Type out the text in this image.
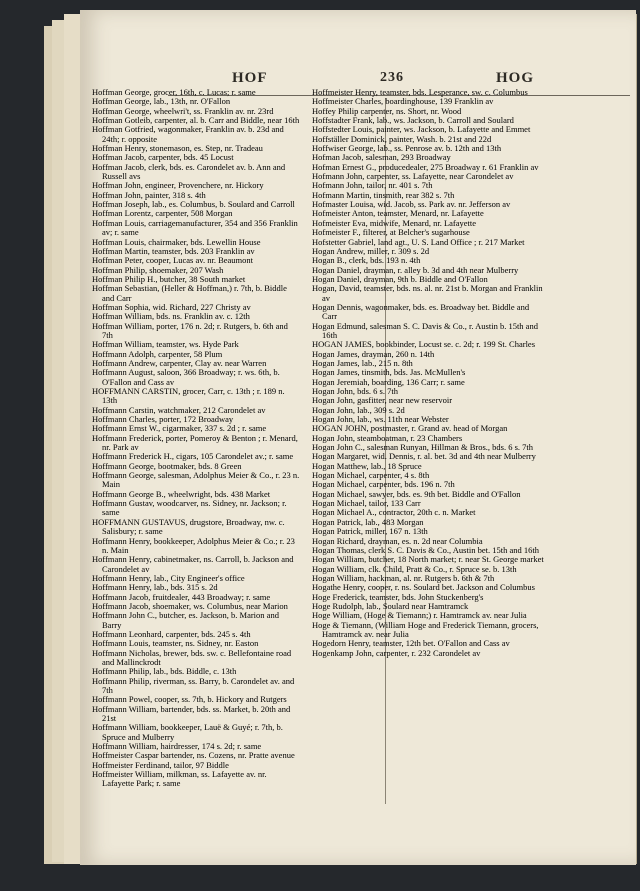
HOF	236	HOG
Hoffman George, grocer, 16th, c. Lucas; r. same
Hoffman George, lab., 13th, nr. O'Fallon
Hoffman George, wheelwri't, ss. Franklin av. nr. 23rd
Hoffman Gotleib, carpenter, al. b. Carr and Biddle, near 16th
Hoffman Gotfried, wagonmaker, Franklin av. b. 23d and 24th; r. opposite
Hoffman Henry, stonemason, es. Step, nr. Tradeau
Hoffman Jacob, carpenter, bds. 45 Locust
Hoffman Jacob, clerk, bds. es. Carondelet av. b. Ann and Russell avs
Hoffman John, engineer, Provenchere, nr. Hickory
Hoffman John, painter, 318 s. 4th
Hoffman Joseph, lab., es. Columbus, b. Soulard and Carroll
Hoffman Lorentz, carpenter, 508 Morgan
Hoffman Louis, carriagemanufacturer, 354 and 356 Franklin av; r. same
Hoffman Louis, chairmaker, bds. Lewellin House
Hoffman Martin, teamster, bds. 203 Franklin av
Hoffman Peter, cooper, Lucas av. nr. Beaumont
Hoffman Philip, shoemaker, 207 Wash
Hoffman Philip H., butcher, 38 South market
Hoffman Sebastian, (Heller & Hoffman,) r. 7th, b. Biddle and Carr
Hoffman Sophia, wid. Richard, 227 Christy av
Hoffman William, bds. ns. Franklin av. c. 12th
Hoffman William, porter, 176 n. 2d; r. Rutgers, b. 6th and 7th
Hoffman William, teamster, ws. Hyde Park
Hoffmann Adolph, carpenter, 58 Plum
Hoffmann Andrew, carpenter, Clay av. near Warren
Hoffmann August, saloon, 366 Broadway; r. ws. 6th, b. O'Fallon and Cass av
HOFFMANN CARSTIN, grocer, Carr, c. 13th ; r. 189 n. 13th
Hoffmann Carstin, watchmaker, 212 Carondelet av
Hoffmann Charles, porter, 172 Broadway
Hoffmann Ernst W., cigarmaker, 337 s. 2d ; r. same
Hoffmann Frederick, porter, Pomeroy & Benton ; r. Menard, nr. Park av
Hoffmann Frederick H., cigars, 105 Carondelet av.; r. same
Hoffmann George, bootmaker, bds. 8 Green
Hoffmann George, salesman, Adolphus Meier & Co., r. 23 n. Main
Hoffmann George B., wheelwright, bds. 438 Market
Hoffmann Gustav, woodcarver, ns. Sidney, nr. Jackson; r. same
HOFFMANN GUSTAVUS, drugstore, Broadway, nw. c. Salisbury; r. same
Hoffmann Henry, bookkeeper, Adolphus Meier & Co.; r. 23 n. Main
Hoffmann Henry, cabinetmaker, ns. Carroll, b. Jackson and Carondelet av
Hoffmann Henry, lab., City Engineer's office
Hoffmann Henry, lab., bds. 315 s. 2d
Hoffmann Jacob, fruitdealer, 443 Broadway; r. same
Hoffmann Jacob, shoemaker, ws. Columbus, near Marion
Hoffmann John C., butcher, es. Jackson, b. Marion and Barry
Hoffmann Leonhard, carpenter, bds. 245 s. 4th
Hoffmann Louis, teamster, ns. Sidney, nr. Easton
Hoffmann Nicholas, brewer, bds. sw. c. Bellefontaine road and Mallinckrodt
Hoffmann Philip, lab., bds. Biddle, c. 13th
Hoffmann Philip, riverman, ss. Barry, b. Carondelet av. and 7th
Hoffmann Powel, cooper, ss. 7th, b. Hickory and Rutgers
Hoffmann William, bartender, bds. ss. Market, b. 20th and 21st
Hoffmann William, bookkeeper, Lauë & Guyé; r. 7th, b. Spruce and Mulberry
Hoffmann William, hairdresser, 174 s. 2d; r. same
Hoffmeister Caspar bartender, ns. Cozens, nr. Pratte avenue
Hoffmeister Ferdinand, tailor, 97 Biddle
Hoffmeister William, milkman, ss. Lafayette av. nr. Lafayette Park; r. same
Hoffmeister Henry, teamster, bds. Lesperance, sw. c. Columbus
Hoffmeister Charles, boardinghouse, 139 Franklin av
Hoffey Philip carpenter, ns. Short, nr. Wood
Hoffstadter Frank, lab., ws. Jackson, b. Carroll and Soulard
Hoffstedter Louis, painter, ws. Jackson, b. Lafayette and Emmet
Hoffställer Dominick, painter, Wash. b. 21st and 22d
Hoffwiser George, lab., ss. Penrose av. b. 12th and 13th
Hofman Jacob, salesman, 293 Broadway
Hofman Ernest G., producedealer, 275 Broadway r. 61 Franklin av
Hofmann John, carpenter, ss. Lafayette, near Carondelet av
Hofmann John, tailor, nr. 401 s. 7th
Hofmann Martin, tinsmith, rear 382 s. 7th
Hofmaster Louisa, wid. Jacob, ss. Park av. nr. Jefferson av
Hofmeister Anton, teamster, Menard, nr. Lafayette
Hofmeister Eva, midwife, Menard, nr. Lafayette
Hofmeister F., filterer, at Belcher's sugarhouse
Hofstetter Gabriel, land agt., U. S. Land Office ; r. 217 Market
Hogan Andrew, miller, r. 309 s. 2d
Hogan B., clerk, bds. 193 n. 4th
Hogan Daniel, drayman, r. alley b. 3d and 4th near Mulberry
Hogan Daniel, drayman, 9th b. Biddle and O'Fallon
Hogan, David, teamster, bds. ns. al. nr. 21st b. Morgan and Franklin av
Hogan Dennis, wagonmaker, bds. es. Broadway bet. Biddle and Carr
Hogan Edmund, salesman S. C. Davis & Co., r. Austin b. 15th and 16th
HOGAN JAMES, bookbinder, Locust se. c. 2d; r. 199 St. Charles
Hogan James, drayman, 260 n. 14th
Hogan James, lab., 215 n. 8th
Hogan James, tinsmith, bds. Jas. McMullen's
Hogan Jeremiah, boarding, 136 Carr; r. same
Hogan John, bds. 6 s. 7th
Hogan John, gasfitter, near new reservoir
Hogan John, lab., 309 s. 2d
Hogan John, lab., ws. 11th near Webster
HOGAN JOHN, postmaster, r. Grand av. head of Morgan
Hogan John, steamboatman, r. 23 Chambers
Hogan John C., salesman Runyan, Hillman & Bros., bds. 6 s. 7th
Hogan Margaret, wid. Dennis, r. al. bet. 3d and 4th near Mulberry
Hogan Matthew, lab., 18 Spruce
Hogan Michael, carpenter, 4 s. 8th
Hogan Michael, carpenter, bds. 196 n. 7th
Hogan Michael, sawyer, bds. es. 9th bet. Biddle and O'Fallon
Hogan Michael, tailor, 133 Carr
Hogan Michael A., contractor, 20th c. n. Market
Hogan Patrick, lab., 483 Morgan
Hogan Patrick, miller, 167 n. 13th
Hogan Richard, drayman, es. n. 2d near Columbia
Hogan Thomas, clerk S. C. Davis & Co., Austin bet. 15th and 16th
Hogan William, butcher, 18 North market; r. near St. George market
Hogan William, clk. Child, Pratt & Co., r. Spruce se. b. 13th
Hogan William, hackman, al. nr. Rutgers b. 6th & 7th
Hogathe Henry, cooper, r. ns. Soulard bet. Jackson and Columbus
Hoge Frederick, teamster, bds. John Stuckenberg's
Hoge Rudolph, lab., Soulard near Hamtramck
Hoge William, (Hoge & Tiemann;) r. Hamtramck av. near Julia
Hoge & Tiemann, (William Hoge and Frederick Tiemann, grocers, Hamtramck av. near Julia
Hogedorn Henry, teamster, 12th bet. O'Fallon and Cass av
Hogenkamp John, carpenter, r. 232 Carondelet av
